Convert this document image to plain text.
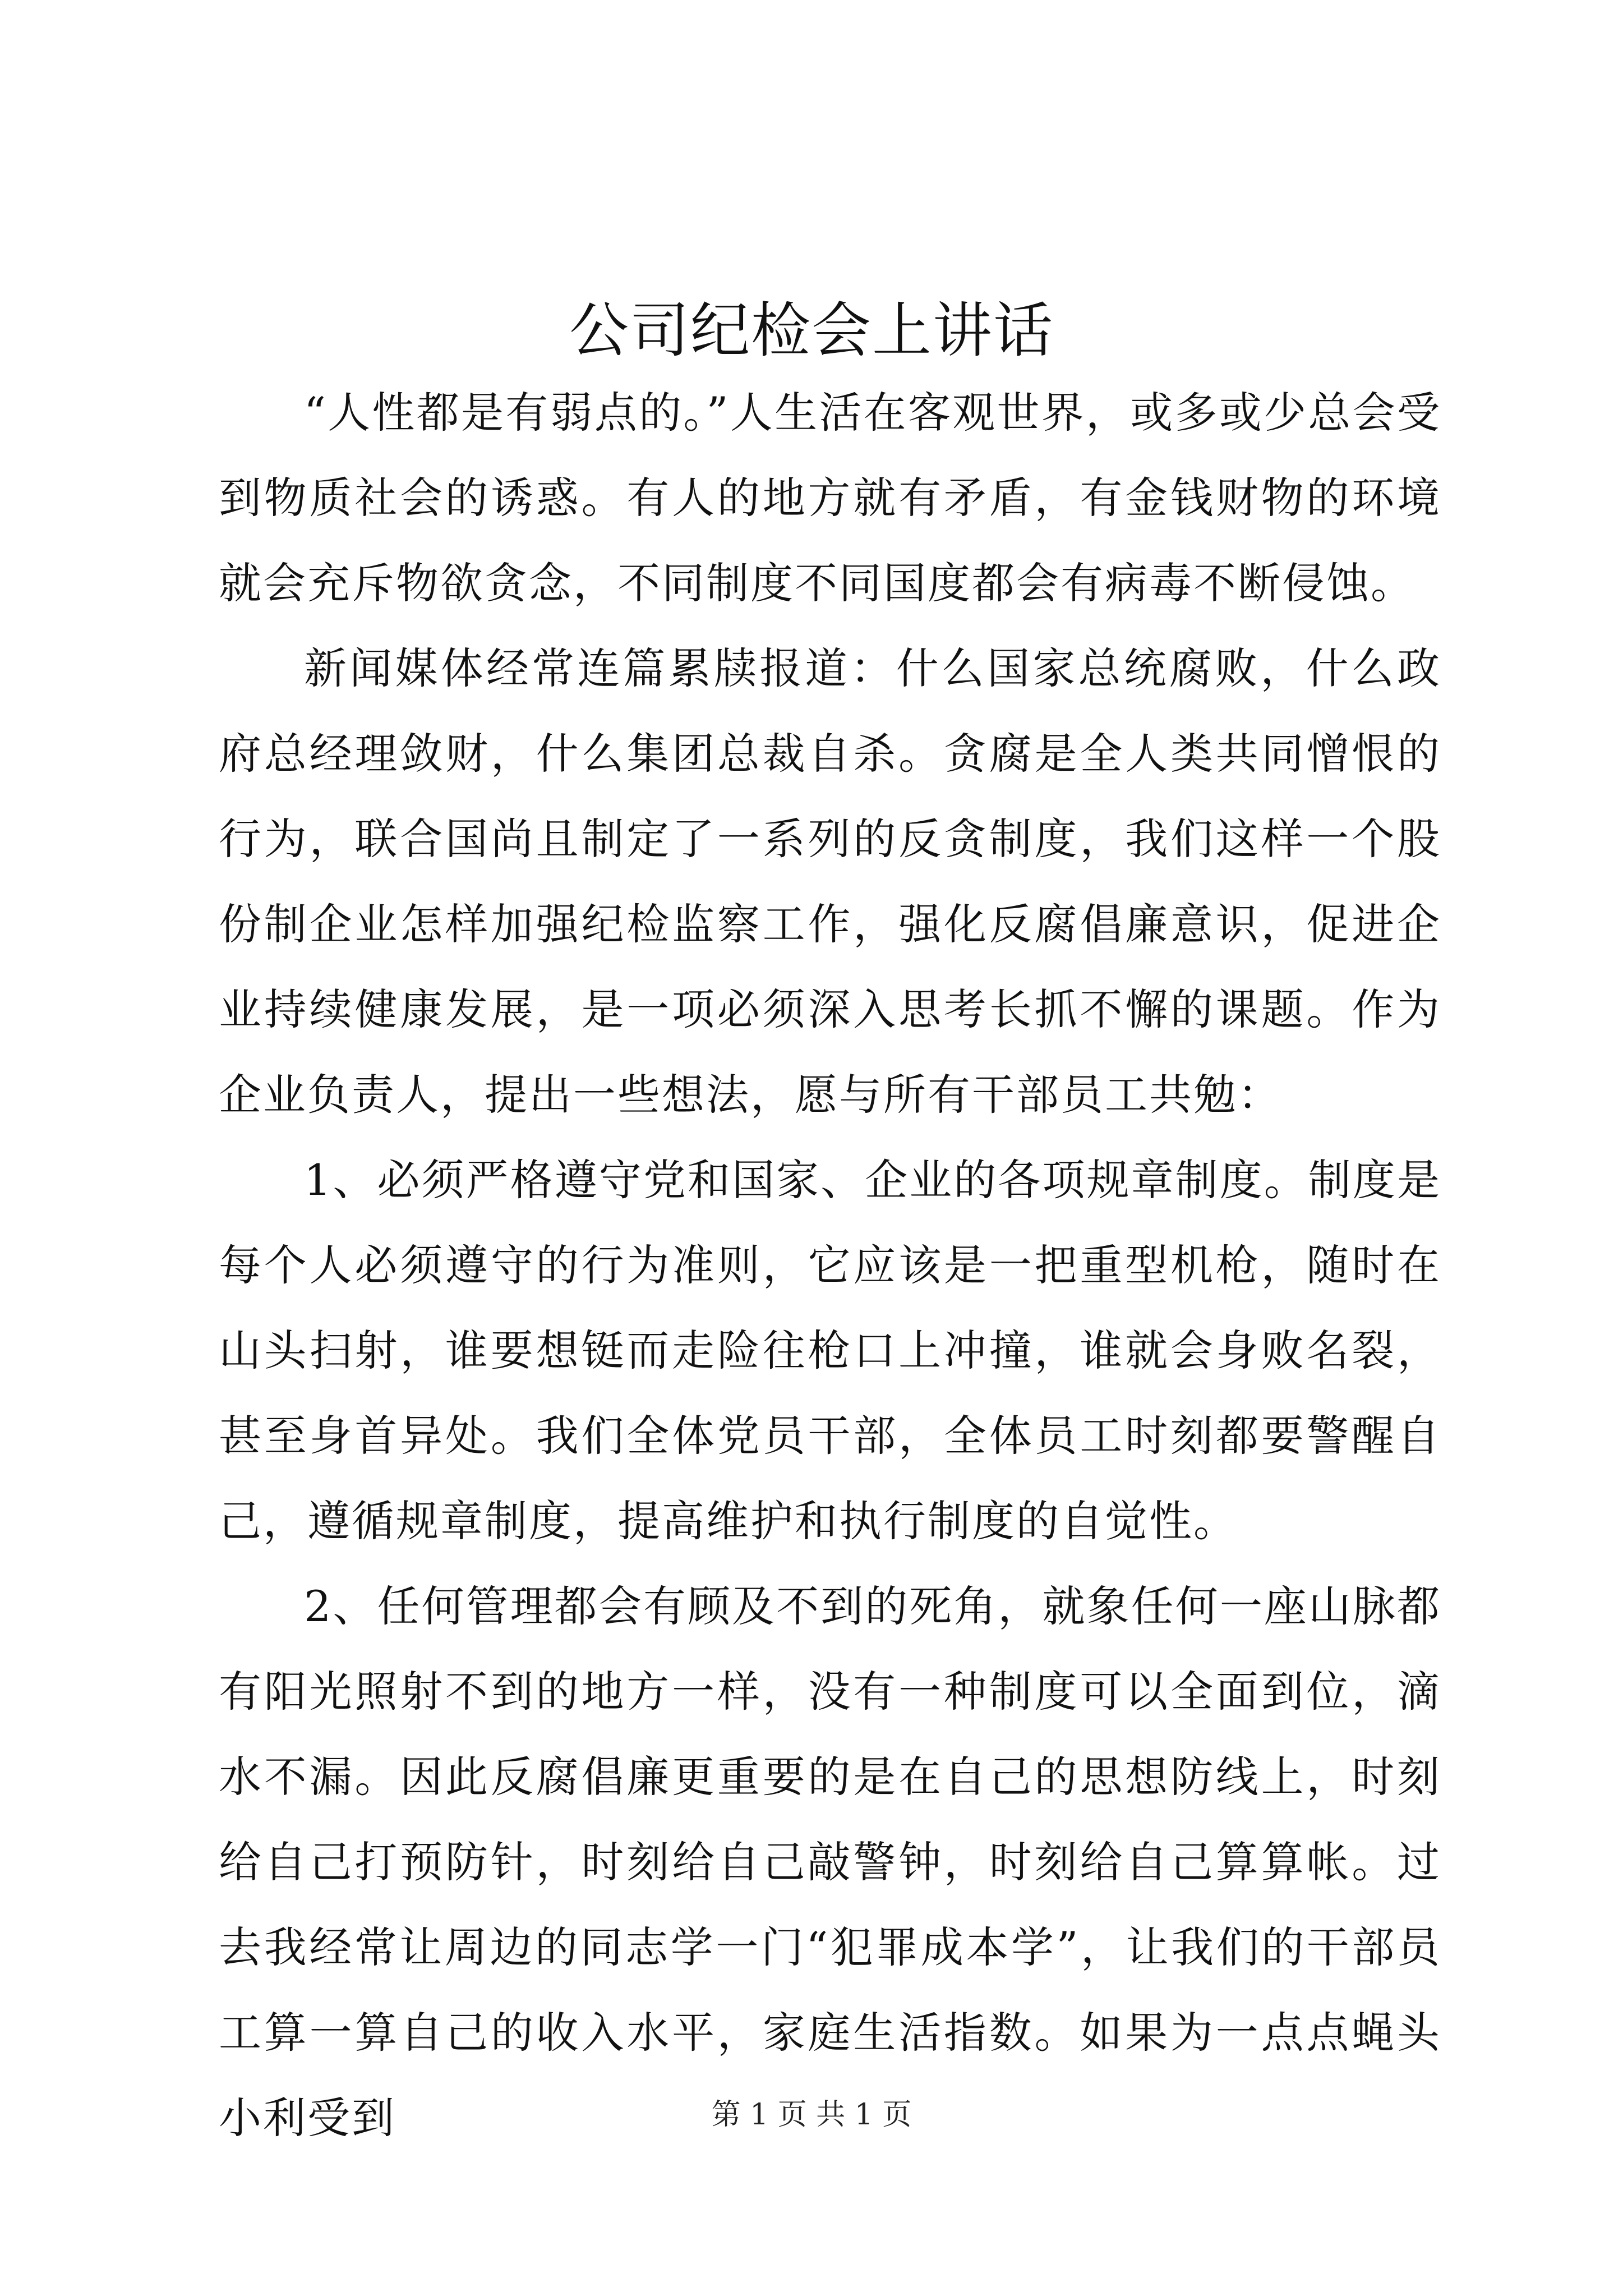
公司纪检会上讲话

“人性都是有弱点的。”人生活在客观世界，或多或少总会受到物质社会的诱惑。有人的地方就有矛盾，有金钱财物的环境就会充斥物欲贪念，不同制度不同国度都会有病毒不断侵蚀。

新闻媒体经常连篇累牍报道：什么国家总统腐败，什么政府总经理敛财，什么集团总裁自杀。贪腐是全人类共同憎恨的行为，联合国尚且制定了一系列的反贪制度，我们这样一个股份制企业怎样加强纪检监察工作，强化反腐倡廉意识，促进企业持续健康发展，是一项必须深入思考长抓不懈的课题。作为企业负责人，提出一些想法，愿与所有干部员工共勉：

1、必须严格遵守党和国家、企业的各项规章制度。制度是每个人必须遵守的行为准则，它应该是一把重型机枪，随时在山头扫射，谁要想铤而走险往枪口上冲撞，谁就会身败名裂，甚至身首异处。我们全体党员干部，全体员工时刻都要警醒自己，遵循规章制度，提高维护和执行制度的自觉性。

2、任何管理都会有顾及不到的死角，就象任何一座山脉都有阳光照射不到的地方一样，没有一种制度可以全面到位，滴水不漏。因此反腐倡廉更重要的是在自己的思想防线上，时刻给自己打预防针，时刻给自己敲警钟，时刻给自己算算帐。过去我经常让周边的同志学一门“犯罪成本学”，让我们的干部员工算一算自己的收入水平，家庭生活指数。如果为一点点蝇头小利受到	第 1 页 共 1 页
